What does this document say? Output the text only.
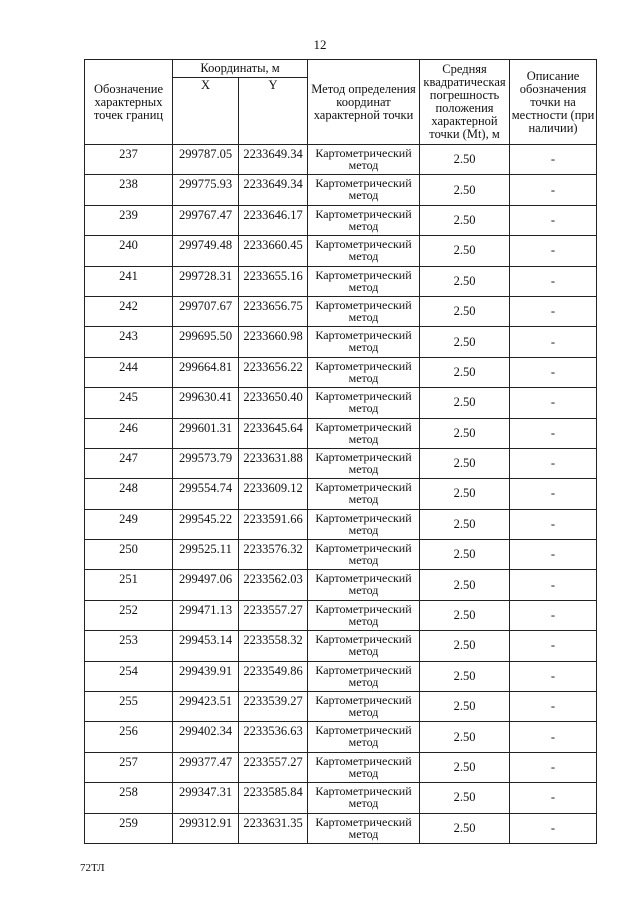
12
Обозначение характерных точек границ	Координаты, м		Метод определения координат характерной точки	Средняя квадратическая погрешность положения характерной точки (Mt), м	Описание обозначения точки на местности (при наличии)
	X	Y			
237	299787.05	2233649.34	Картометрический метод	2.50	-
238	299775.93	2233649.34	Картометрический метод	2.50	-
239	299767.47	2233646.17	Картометрический метод	2.50	-
240	299749.48	2233660.45	Картометрический метод	2.50	-
241	299728.31	2233655.16	Картометрический метод	2.50	-
242	299707.67	2233656.75	Картометрический метод	2.50	-
243	299695.50	2233660.98	Картометрический метод	2.50	-
244	299664.81	2233656.22	Картометрический метод	2.50	-
245	299630.41	2233650.40	Картометрический метод	2.50	-
246	299601.31	2233645.64	Картометрический метод	2.50	-
247	299573.79	2233631.88	Картометрический метод	2.50	-
248	299554.74	2233609.12	Картометрический метод	2.50	-
249	299545.22	2233591.66	Картометрический метод	2.50	-
250	299525.11	2233576.32	Картометрический метод	2.50	-
251	299497.06	2233562.03	Картометрический метод	2.50	-
252	299471.13	2233557.27	Картометрический метод	2.50	-
253	299453.14	2233558.32	Картометрический метод	2.50	-
254	299439.91	2233549.86	Картометрический метод	2.50	-
255	299423.51	2233539.27	Картометрический метод	2.50	-
256	299402.34	2233536.63	Картометрический метод	2.50	-
257	299377.47	2233557.27	Картометрический метод	2.50	-
258	299347.31	2233585.84	Картометрический метод	2.50	-
259	299312.91	2233631.35	Картометрический метод	2.50	-
72ТЛ
